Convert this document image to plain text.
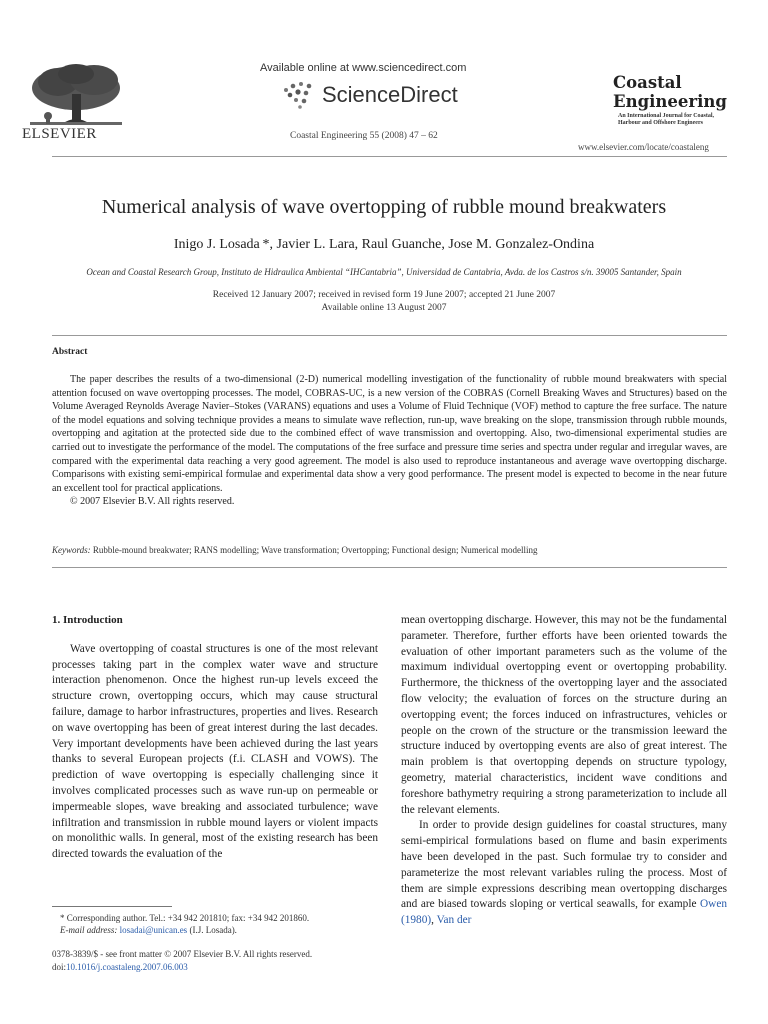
ELSEVIER
Available online at www.sciencedirect.com
ScienceDirect
Coastal Engineering 55 (2008) 47 – 62
Coastal
Engineering
An International Journal for Coastal, Harbour and Offshore Engineers
www.elsevier.com/locate/coastaleng
Numerical analysis of wave overtopping of rubble mound breakwaters
Inigo J. Losada *, Javier L. Lara, Raul Guanche, Jose M. Gonzalez-Ondina
Ocean and Coastal Research Group, Instituto de Hidraulica Ambiental “IHCantabria”, Universidad de Cantabria, Avda. de los Castros s/n. 39005 Santander, Spain
Received 12 January 2007; received in revised form 19 June 2007; accepted 21 June 2007
Available online 13 August 2007
Abstract

The paper describes the results of a two-dimensional (2-D) numerical modelling investigation of the functionality of rubble mound breakwaters with special attention focused on wave overtopping processes. The model, COBRAS-UC, is a new version of the COBRAS (Cornell Breaking Waves and Structures) based on the Volume Averaged Reynolds Average Navier–Stokes (VARANS) equations and uses a Volume of Fluid Technique (VOF) method to capture the free surface. The nature of the model equations and solving technique provides a means to simulate wave reflection, run-up, wave breaking on the slope, transmission through rubble mounds, overtopping and agitation at the protected side due to the combined effect of wave transmission and overtopping. Also, two-dimensional experimental studies are carried out to investigate the performance of the model. The computations of the free surface and pressure time series and spectra under regular and irregular waves, are compared with the experimental data reaching a very good agreement. The model is also used to reproduce instantaneous and average wave overtopping discharge. Comparisons with existing semi-empirical formulae and experimental data show a very good performance. The present model is expected to become in the near future an excellent tool for practical applications.

© 2007 Elsevier B.V. All rights reserved.

Keywords: Rubble-mound breakwater; RANS modelling; Wave transformation; Overtopping; Functional design; Numerical modelling
1. Introduction

Wave overtopping of coastal structures is one of the most relevant processes taking part in the complex water wave and structure interaction phenomenon. Once the highest run-up levels exceed the structure crown, overtopping occurs, which may cause structural failure, damage to harbor infrastructures, properties and lives. Research on wave overtopping has been of great interest during the last decades. Very important developments have been achieved during the last years thanks to several European projects (f.i. CLASH and VOWS). The prediction of wave overtopping is especially challenging since it involves complicated processes such as wave run-up on permeable or impermeable slopes, wave breaking and associated turbulence; wave infiltration and transmission in rubble mound layers or violent impacts on monolithic walls. In general, most of the existing research has been directed towards the evaluation of the

mean overtopping discharge. However, this may not be the fundamental parameter. Therefore, further efforts have been oriented towards the evaluation of other important parameters such as the volume of the maximum individual overtopping event or overtopping probability. Furthermore, the thickness of the overtopping layer and the associated flow velocity; the evaluation of forces on the structure during an overtopping event; the forces induced on infrastructures, vehicles or people on the crown of the structure or the transmission leeward the structure induced by overtopping events are also of great interest. The main problem is that overtopping depends on structure typology, geometry, material characteristics, incident wave conditions and foreshore bathymetry requiring a strong parameterization to include all the relevant elements.

In order to provide design guidelines for coastal structures, many semi-empirical formulations based on flume and basin experiments have been developed in the past. Such formulae try to consider and parameterize the most relevant variables ruling the process. Most of them are simple expressions describing mean overtopping discharges and are biased towards sloping or vertical seawalls, for example Owen (1980), Van der

* Corresponding author. Tel.: +34 942 201810; fax: +34 942 201860.
E-mail address: losadai@unican.es (I.J. Losada).
0378-3839/$ - see front matter © 2007 Elsevier B.V. All rights reserved.
doi:10.1016/j.coastaleng.2007.06.003
